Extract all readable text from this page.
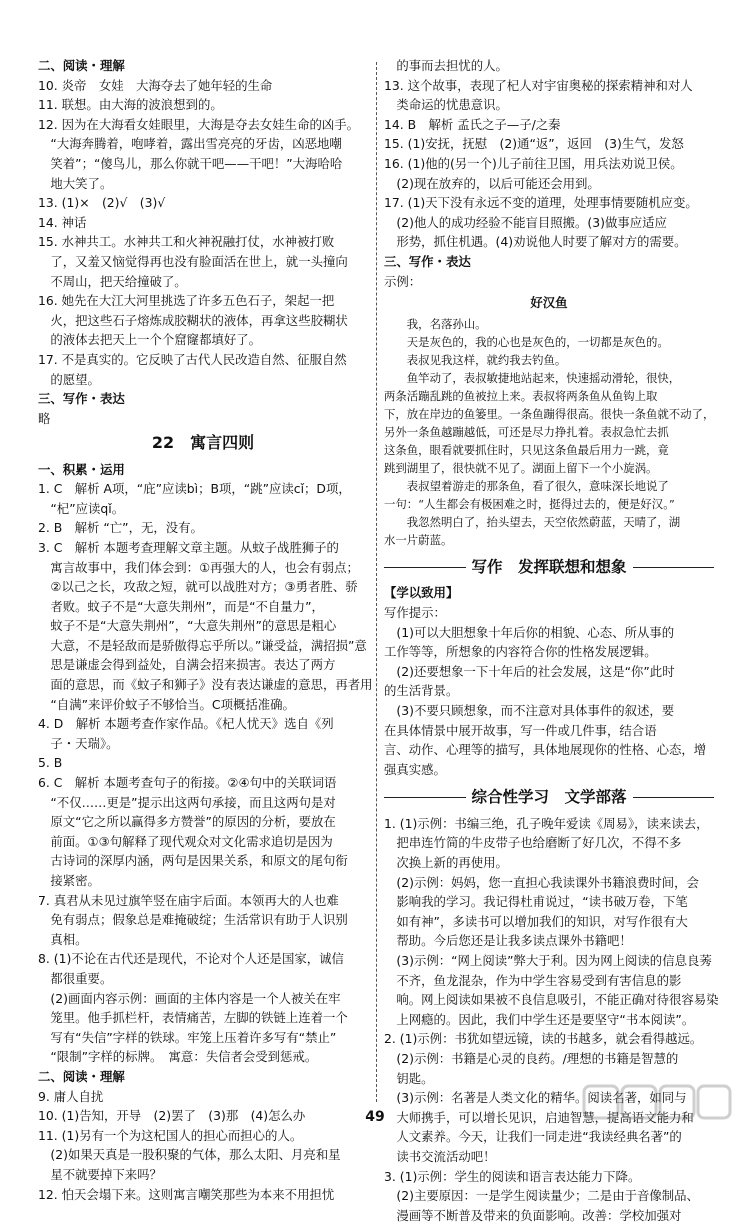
二、阅读・理解
10. 炎帝　女娃　大海夺去了她年轻的生命
11. 联想。由大海的波浪想到的。
12. 因为在大海看女娃眼里，大海是夺去女娃生命的凶手。
　“大海奔腾着，咆哮着，露出雪亮亮的牙齿，凶恶地嘲
　笑着”；“傻鸟儿，那么你就干吧——干吧！”大海哈哈
　地大笑了。
13. (1)×　(2)√　(3)√
14. 神话
15. 水神共工。水神共工和火神祝融打仗，水神被打败
　了，又羞又恼觉得再也没有脸面活在世上，就一头撞向
　不周山，把天给撞破了。
16. 她先在大江大河里挑选了许多五色石子，架起一把
　火，把这些石子熔炼成胶糊状的液体，再拿这些胶糊状
　的液体去把天上一个个窟窿都填好了。
17. 不是真实的。它反映了古代人民改造自然、征服自然
　的愿望。
三、写作・表达
略
22　寓言四则
一、积累・运用
1. C　解析 A项，“庇”应读bì；B项，“跳”应读cǐ；D项，
　“杞”应读qǐ。
2. B　解析 “亡”，无，没有。
3. C　解析 本题考查理解文章主题。从蚊子战胜狮子的
　寓言故事中，我们体会到：①再强大的人，也会有弱点；
　②以己之长，攻敌之短，就可以战胜对方；③勇者胜、骄
　者败。蚊子不是“大意失荆州”，而是“不自量力”，
　蚊子不是“大意失荆州”，“大意失荆州”的意思是粗心
　大意，不是轻敌而是骄傲得忘乎所以。”谦受益，满招损”意
　思是谦虚会得到益处，自满会招来损害。表达了两方
　面的意思，而《蚊子和狮子》没有表达谦虚的意思，再者用
　“自满”来评价蚊子不够恰当。C项概括准确。
4. D　解析 本题考查作家作品。《杞人忧天》选自《列
　子・天瑞》。
5. B
6. C　解析 本题考查句子的衔接。②④句中的关联词语
　“不仅……更是”提示出这两句承接，而且这两句是对
　原文“它之所以赢得多方赞誉”的原因的分析，要放在
　前面。①③句解释了现代观众对文化需求追切是因为
　古诗词的深厚内涵，两句是因果关系，和原文的尾句衔
　接紧密。
7. 真君从未见过旗竿竖在庙宇后面。本领再大的人也难
　免有弱点；假象总是难掩破绽；生活常识有助于人识别
　真相。
8. (1)不论在古代还是现代，不论对个人还是国家，诚信
　都很重要。
　(2)画面内容示例：画面的主体内容是一个人被关在牢
　笼里。他手抓栏杆，表情痛苦，左脚的铁链上连着一个
　写有“失信”字样的铁球。牢笼上压着许多写有“禁止”
　“限制”字样的标牌。　寓意：失信者会受到惩戒。
二、阅读・理解
9. 庸人自扰
10. (1)告知，开导　(2)罢了　(3)那　(4)怎么办
11. (1)另有一个为这杞国人的担心而担心的人。
　(2)如果天真是一股积聚的气体，那么太阳、月亮和星
　星不就要掉下来吗？
12. 怕天会塌下来。这则寓言嘲笑那些为本来不用担忧
　的事而去担忧的人。
13. 这个故事，表现了杞人对宇宙奥秘的探索精神和对人
　类命运的忧患意识。
14. B　解析 孟氏之子—子/之秦
15. (1)安抚，抚慰　(2)通“返”，返回　(3)生气，发怒
16. (1)他的(另一个)儿子前往卫国，用兵法劝说卫侯。
　(2)现在放弃的，以后可能还会用到。
17. (1)天下没有永远不变的道理，处理事情要随机应变。
　(2)他人的成功经验不能盲目照搬。(3)做事应适应
　形势，抓住机遇。(4)劝说他人时要了解对方的需要。
三、写作・表达
示例：
好汉鱼
　　我，名落孙山。
　　天是灰色的，我的心也是灰色的，一切都是灰色的。
　　表叔见我这样，就约我去钓鱼。
　　鱼竿动了，表叔敏捷地站起来，快速摇动滑轮，很快，
两条活蹦乱跳的鱼被拉上来。表叔将两条鱼从鱼钩上取
下，放在岸边的鱼篓里。一条鱼蹦得很高。很快一条鱼就不动了，
另外一条鱼越蹦越低，可还是尽力挣扎着。表叔急忙去抓
这条鱼，眼看就要抓住时，只见这条鱼最后用力一跳，竟
跳到湖里了，很快就不见了。湖面上留下一个小旋涡。
　　表叔望着游走的那条鱼，看了很久，意味深长地说了
一句：“人生都会有极困难之时，挺得过去的，便是好汉。”
　　我忽然明白了，抬头望去，天空依然蔚蓝，天晴了，湖
水一片蔚蓝。
写作　发挥联想和想象
【学以致用】
写作提示：
　(1)可以大胆想象十年后你的相貌、心态、所从事的
工作等等，所想象的内容符合你的性格发展逻辑。
　(2)还要想象一下十年后的社会发展，这是“你”此时
的生活背景。
　(3)不要只顾想象，而不注意对具体事件的叙述，要
在具体情景中展开故事，写一件或几件事，结合语
言、动作、心理等的描写，具体地展现你的性格、心态，增
强真实感。
综合性学习　文学部落
1. (1)示例：书编三绝，孔子晚年爱读《周易》，读来读去，
　把串连竹简的牛皮带子也给磨断了好几次，不得不多
　次换上新的再使用。
　(2)示例：妈妈，您一直担心我读课外书籍浪费时间，会
　影响我的学习。我记得杜甫说过，“读书破万卷，下笔
　如有神”，多读书可以增加我们的知识，对写作很有大
　帮助。今后您还是让我多读点课外书籍吧！
　(3)示例：“网上阅读”弊大于利。因为网上阅读的信息良莠
　不齐，鱼龙混杂，作为中学生容易受到有害信息的影
　响。网上阅读如果被不良信息吸引，不能正确对待很容易染
　上网瘾的。因此，我们中学生还是要坚守“书本阅读”。
2. (1)示例：书犹如望远镜，读的书越多，就会看得越远。
　(2)示例：书籍是心灵的良药。/理想的书籍是智慧的
　钥匙。
　(3)示例：名著是人类文化的精华。阅读名著，如同与
　大师携手，可以增长见识，启迪智慧，提高语文能力和
　人文素养。今天，让我们一同走进“我读经典名著”的
　读书交流活动吧！
3. (1)示例：学生的阅读和语言表达能力下降。
　(2)主要原因：一是学生阅读量少；二是由于音像制品、
　漫画等不断普及带来的负面影响。改善：学校加强对
49
